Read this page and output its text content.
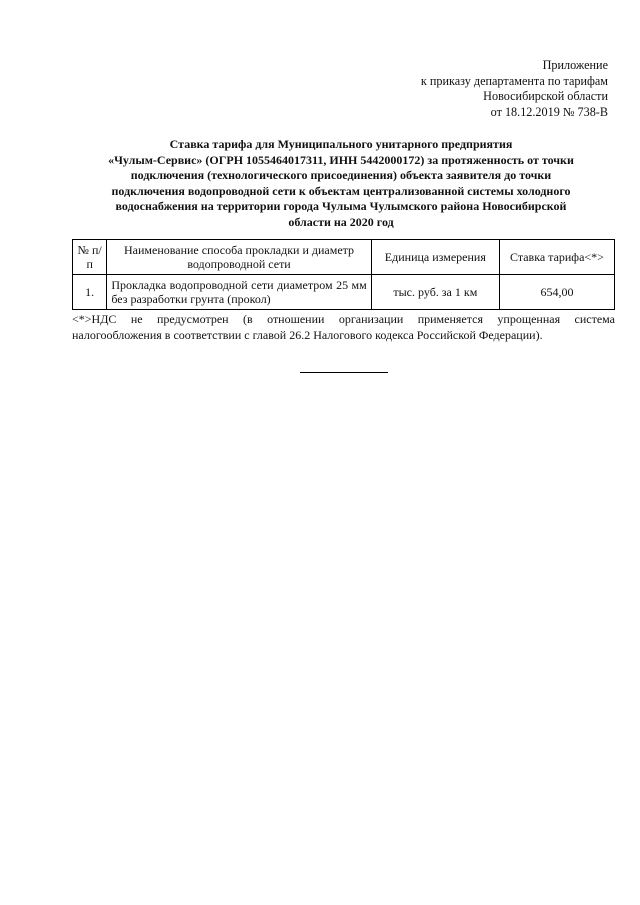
Приложение
к приказу департамента по тарифам
Новосибирской области
от 18.12.2019 № 738-В
Ставка тарифа для Муниципального унитарного предприятия
«Чулым-Сервис» (ОГРН 1055464017311, ИНН 5442000172) за протяженность от точки
подключения (технологического присоединения) объекта заявителя до точки
подключения водопроводной сети к объектам централизованной системы холодного
водоснабжения на территории города Чулыма Чулымского района Новосибирской
области на 2020 год
№ п/п	Наименование способа прокладки и диаметр водопроводной сети	Единица измерения	Ставка тарифа<*>
1.	Прокладка водопроводной сети диаметром 25 мм без разработки грунта (прокол)	тыс. руб. за 1 км	654,00
<*>НДС не предусмотрен (в отношении организации применяется упрощенная система
налогообложения в соответствии с главой 26.2 Налогового кодекса Российской Федерации).
